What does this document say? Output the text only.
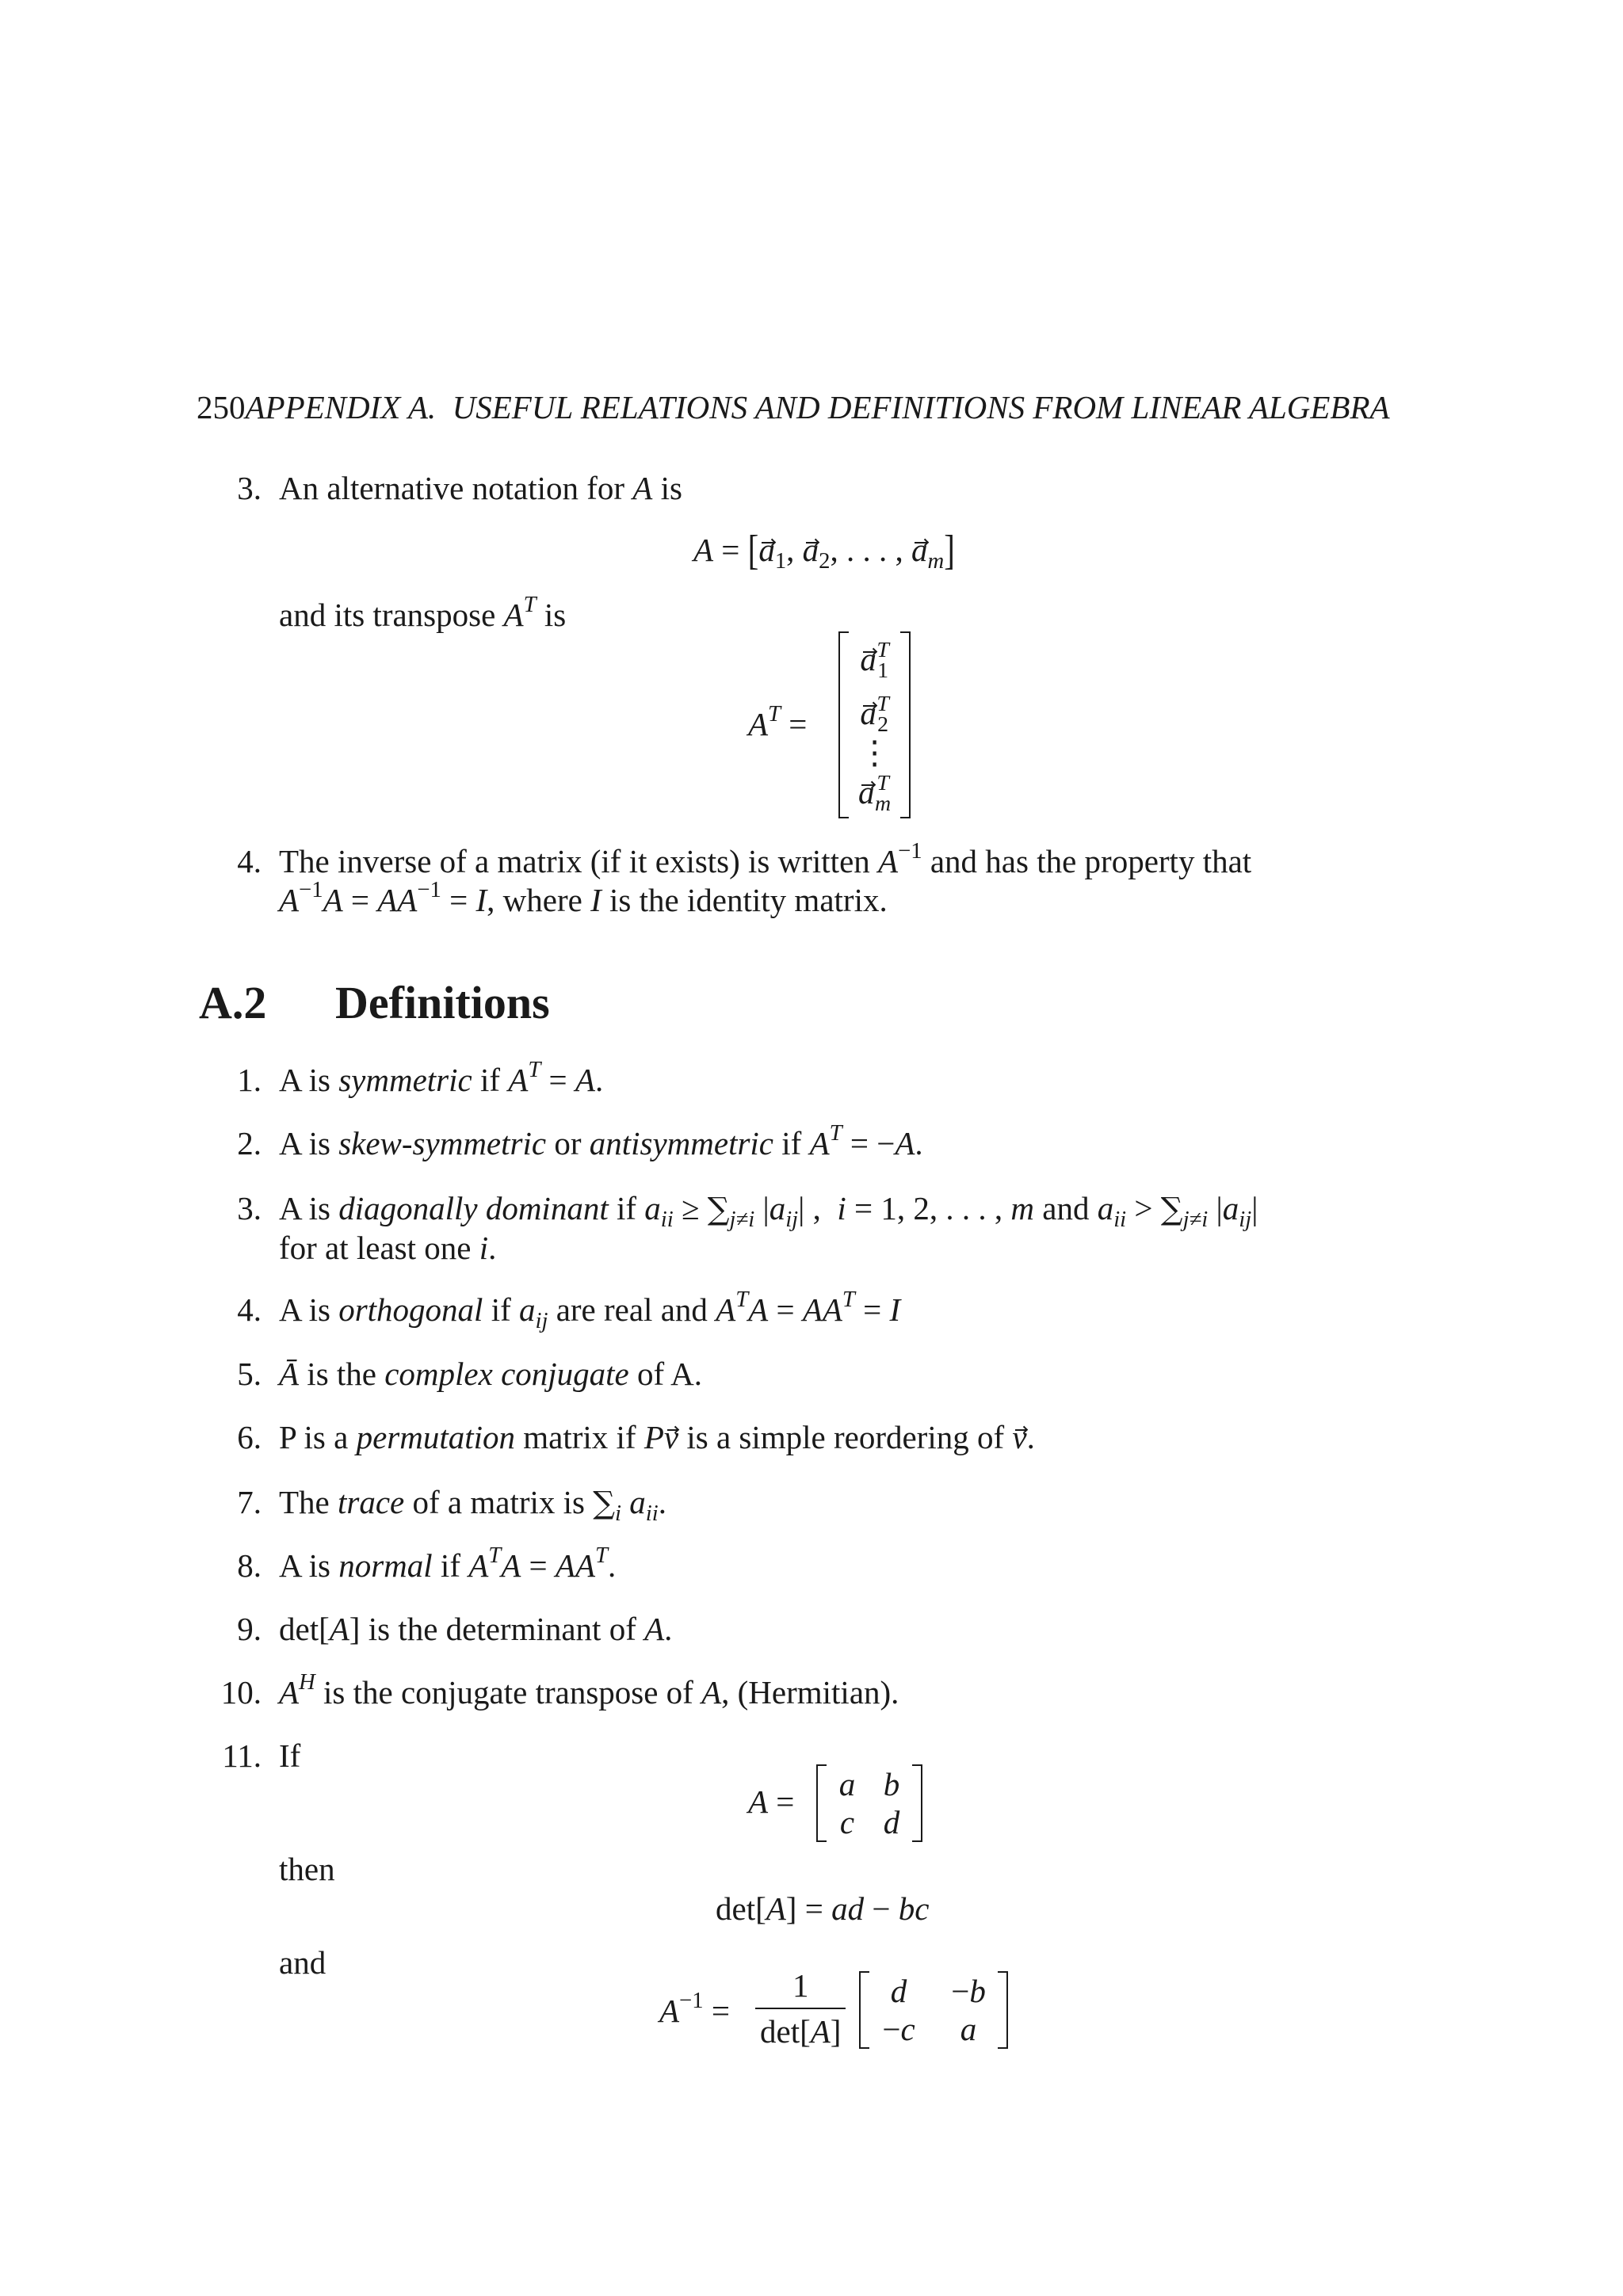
250APPENDIX A.  USEFUL RELATIONS AND DEFINITIONS FROM LINEAR ALGEBRA
3. An alternative notation for A is
$A = [a_1$, $a_2$, . . . , $a_m$]
and its transpose $A^T$ is
$A^T$ =
a T
1
a T
2
⋮
a T
m
4. The inverse of a matrix (if it exists) is written $A^{-1}$ and has the property that
$A^{-1}A = AA^{-1} = I$, where I is the identity matrix.
A.2 Definitions
1. A is symmetric if $A^T = A$.
2. A is skew-symmetric or antisymmetric if $A^T = -A$.
3. A is diagonally dominant if $a_{ii} \ge \sum_{j\ne i}$ $|a_{ij}|$ ,  i = 1, 2, . . . , m and $a_{ii} > \sum_{j\ne i}$ $|a_{ij}|$
for at least one i.
4. A is orthogonal if $a_{ij}$ are real and $A^TA = AA^T = I$
5. Ā is the complex conjugate of A.
6. P is a permutation matrix if Pv is a simple reordering of v.
7. The trace of a matrix is $\sum_i$ $a_{ii}$.
8. A is normal if $A^TA = AA^T$.
9. det[A] is the determinant of A.
10. $A^H$ is the conjugate transpose of A, (Hermitian).
11. If
A = a b
c d
then
det[A] = ad − bc
and
$A^{-1}$ =
1
det[A]
d	−b
−c	a
